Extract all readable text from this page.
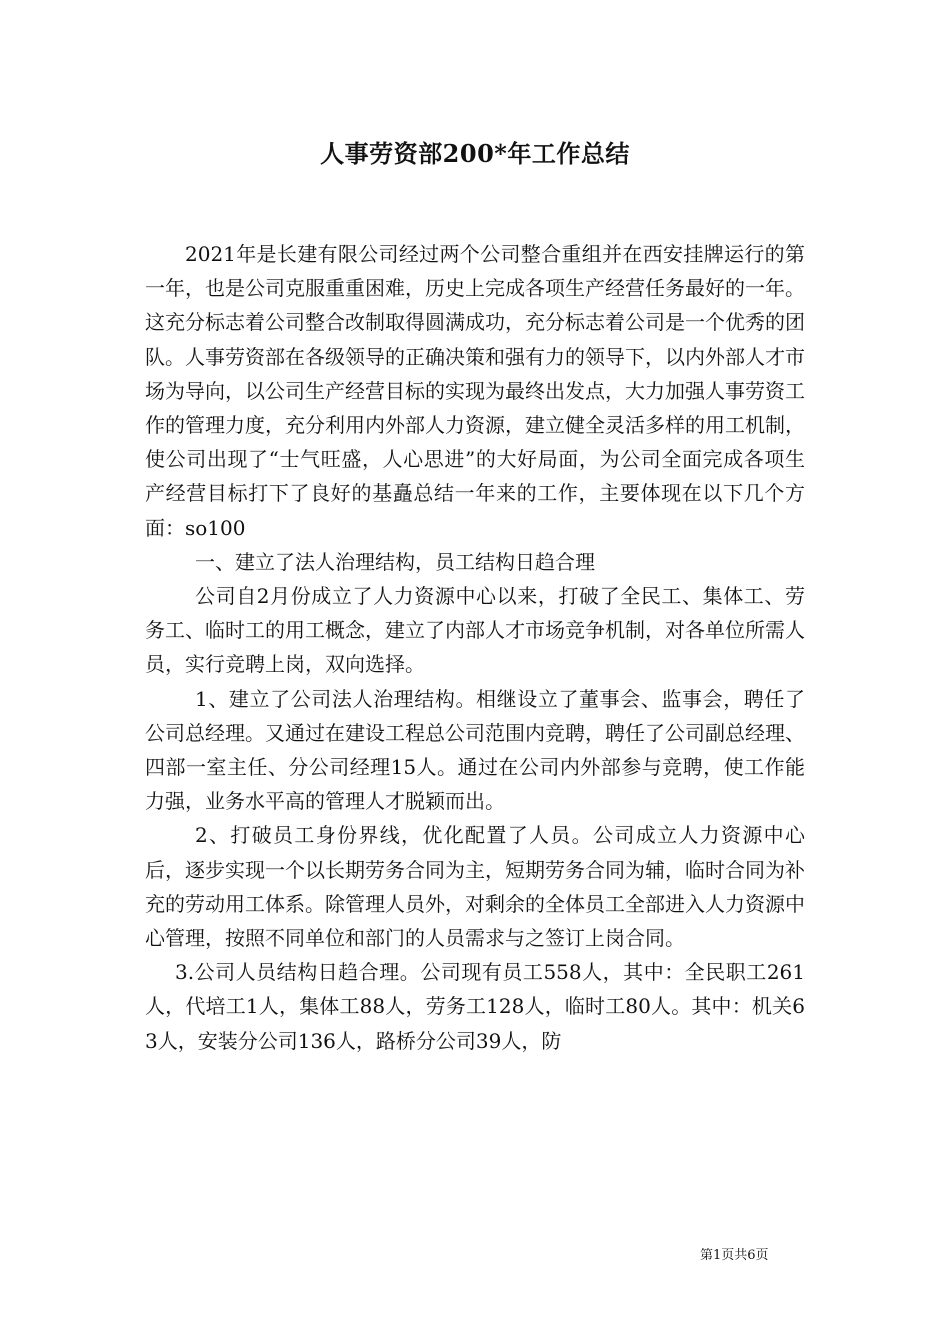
人事劳资部200*年工作总结

2021年是长建有限公司经过两个公司整合重组并在西安挂牌运行的第一年，也是公司克服重重困难，历史上完成各项生产经营任务最好的一年。这充分标志着公司整合改制取得圆满成功，充分标志着公司是一个优秀的团队。人事劳资部在各级领导的正确决策和强有力的领导下，以内外部人才市场为导向，以公司生产经营目标的实现为最终出发点，大力加强人事劳资工作的管理力度，充分利用内外部人力资源，建立健全灵活多样的用工机制，使公司出现了“士气旺盛，人心思进”的大好局面，为公司全面完成各项生产经营目标打下了良好的基矗总结一年来的工作，主要体现在以下几个方面：so100

一、建立了法人治理结构，员工结构日趋合理

公司自2月份成立了人力资源中心以来，打破了全民工、集体工、劳务工、临时工的用工概念，建立了内部人才市场竞争机制，对各单位所需人员，实行竞聘上岗，双向选择。

1、建立了公司法人治理结构。相继设立了董事会、监事会，聘任了公司总经理。又通过在建设工程总公司范围内竞聘，聘任了公司副总经理、四部一室主任、分公司经理15人。通过在公司内外部参与竞聘，使工作能力强，业务水平高的管理人才脱颖而出。

2、打破员工身份界线，优化配置了人员。公司成立人力资源中心后，逐步实现一个以长期劳务合同为主，短期劳务合同为辅，临时合同为补充的劳动用工体系。除管理人员外，对剩余的全体员工全部进入人力资源中心管理，按照不同单位和部门的人员需求与之签订上岗合同。

3.公司人员结构日趋合理。公司现有员工558人，其中：全民职工261人，代培工1人，集体工88人，劳务工128人，临时工80人。其中：机关63人，安装分公司136人，路桥分公司39人，防

第1页共6页
